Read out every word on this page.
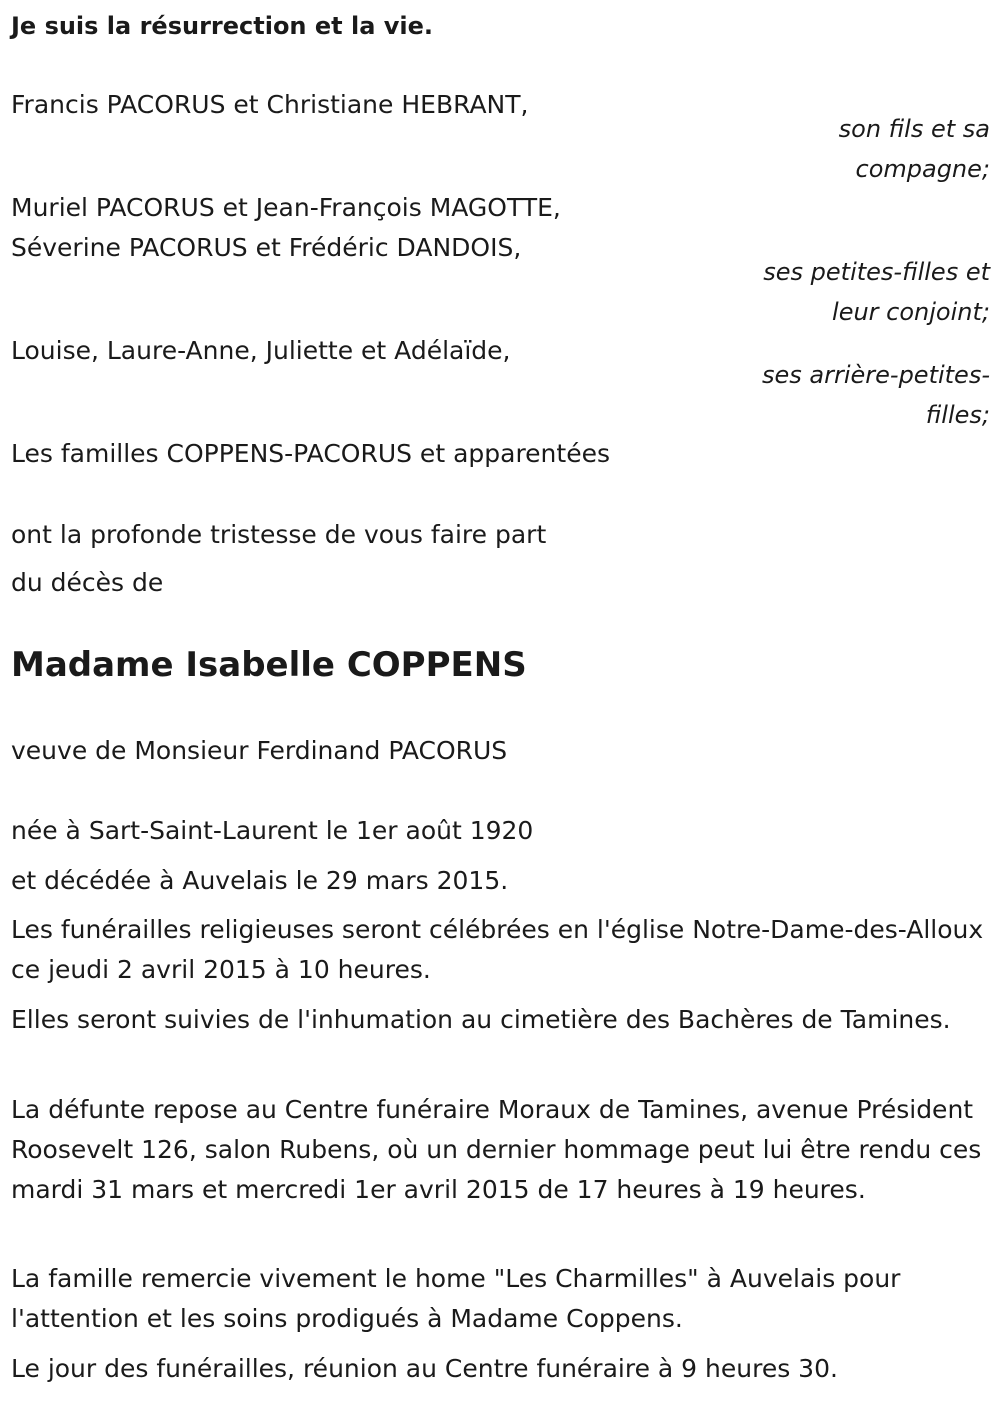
Je suis la résurrection et la vie.
Francis PACORUS et Christiane HEBRANT,
son fils et sa
compagne;
Muriel PACORUS et Jean-François MAGOTTE,
Séverine PACORUS et Frédéric DANDOIS,
ses petites-filles et
leur conjoint;
Louise, Laure-Anne, Juliette et Adélaïde,
ses arrière-petites-
filles;
Les familles COPPENS-PACORUS et apparentées
ont la profonde tristesse de vous faire part
du décès de
Madame Isabelle COPPENS
veuve de Monsieur Ferdinand PACORUS
née à Sart-Saint-Laurent le 1er août 1920
et décédée à Auvelais le 29 mars 2015.
Les funérailles religieuses seront célébrées en l'église Notre-Dame-des-Alloux ce jeudi 2 avril 2015 à 10 heures.
Elles seront suivies de l'inhumation au cimetière des Bachères de Tamines.
La défunte repose au Centre funéraire Moraux de Tamines, avenue Président Roosevelt 126, salon Rubens, où un dernier hommage peut lui être rendu ces mardi 31 mars et mercredi 1er avril 2015 de 17 heures à 19 heures.
La famille remercie vivement le home "Les Charmilles" à Auvelais pour l'attention et les soins prodigués à Madame Coppens.
Le jour des funérailles, réunion au Centre funéraire à 9 heures 30.
